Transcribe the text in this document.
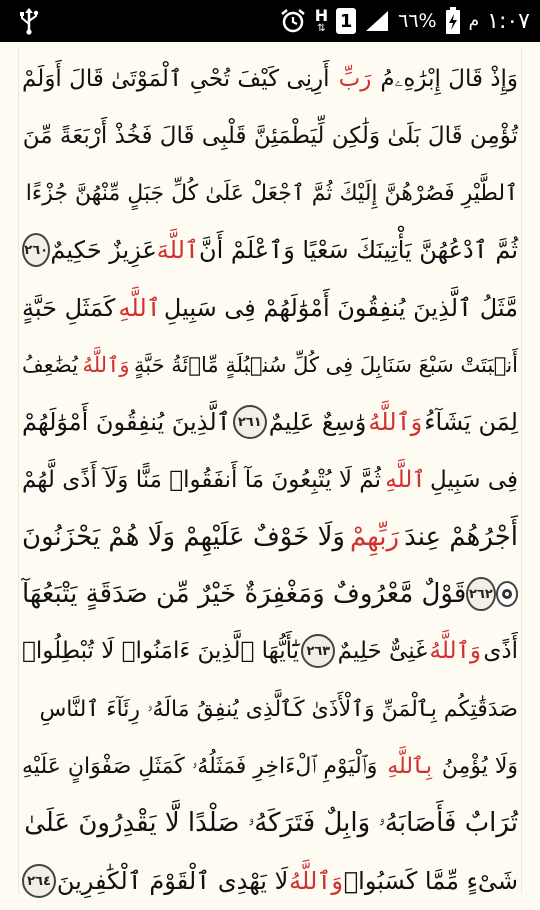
H
⇅ 1 ٦٦% م ١:٠٧
وَإِذْ قَالَ إِبْرَٰهِۦمُ
رَبِّ
أَرِنِى كَيْفَ تُحْىِ ٱلْمَوْتَىٰ قَالَ أَوَلَمْ
تُؤْمِن قَالَ بَلَىٰ وَلَٰكِن لِّيَطْمَئِنَّ قَلْبِى قَالَ فَخُذْ أَرْبَعَةً مِّنَ
ٱلطَّيْرِ فَصُرْهُنَّ إِلَيْكَ ثُمَّ ٱجْعَلْ عَلَىٰ كُلِّ جَبَلٍ مِّنْهُنَّ جُزْءًا
ثُمَّ ٱدْعُهُنَّ يَأْتِينَكَ سَعْيًا وَٱعْلَمْ أَنَّ
ٱللَّهَ
عَزِيزٌ حَكِيمٌ
٢٦٠
مَّثَلُ ٱلَّذِينَ يُنفِقُونَ أَمْوَٰلَهُمْ فِى سَبِيلِ
ٱللَّهِ
كَمَثَلِ حَبَّةٍ
أَنۢبَتَتْ سَبْعَ سَنَابِلَ فِى كُلِّ سُنۢبُلَةٍ مِّا۟ئَةُ حَبَّةٍ
وَٱللَّهُ
يُضَٰعِفُ
لِمَن يَشَآءُ
وَٱللَّهُ
وَٰسِعٌ عَلِيمٌ
٢٦١
ٱلَّذِينَ يُنفِقُونَ أَمْوَٰلَهُمْ
فِى سَبِيلِ
ٱللَّهِ
ثُمَّ لَا يُتْبِعُونَ مَآ أَنفَقُوا۟ مَنًّا وَلَآ أَذًى لَّهُمْ
أَجْرُهُمْ عِندَ
رَبِّهِمْ
وَلَا خَوْفٌ عَلَيْهِمْ وَلَا هُمْ يَحْزَنُونَ
٢٦٢
قَوْلٌ مَّعْرُوفٌ وَمَغْفِرَةٌ خَيْرٌ مِّن صَدَقَةٍ يَتْبَعُهَآ
أَذًى
وَٱللَّهُ
غَنِىٌّ حَلِيمٌ
٢٦٣
يَٰٓأَيُّهَا ٱلَّذِينَ ءَامَنُوا۟ لَا تُبْطِلُوا۟
صَدَقَٰتِكُم بِٱلْمَنِّ وَٱلْأَذَىٰ كَٱلَّذِى يُنفِقُ مَالَهُۥ رِئَآءَ ٱلنَّاسِ
وَلَا يُؤْمِنُ
بِٱللَّهِ
وَٱلْيَوْمِ ٱلْءَاخِرِ فَمَثَلُهُۥ كَمَثَلِ صَفْوَانٍ عَلَيْهِ
تُرَابٌ فَأَصَابَهُۥ وَابِلٌ فَتَرَكَهُۥ صَلْدًا لَّا يَقْدِرُونَ عَلَىٰ
شَىْءٍ مِّمَّا كَسَبُوا۟
وَٱللَّهُ
لَا يَهْدِى ٱلْقَوْمَ ٱلْكَٰفِرِينَ
٢٦٤
